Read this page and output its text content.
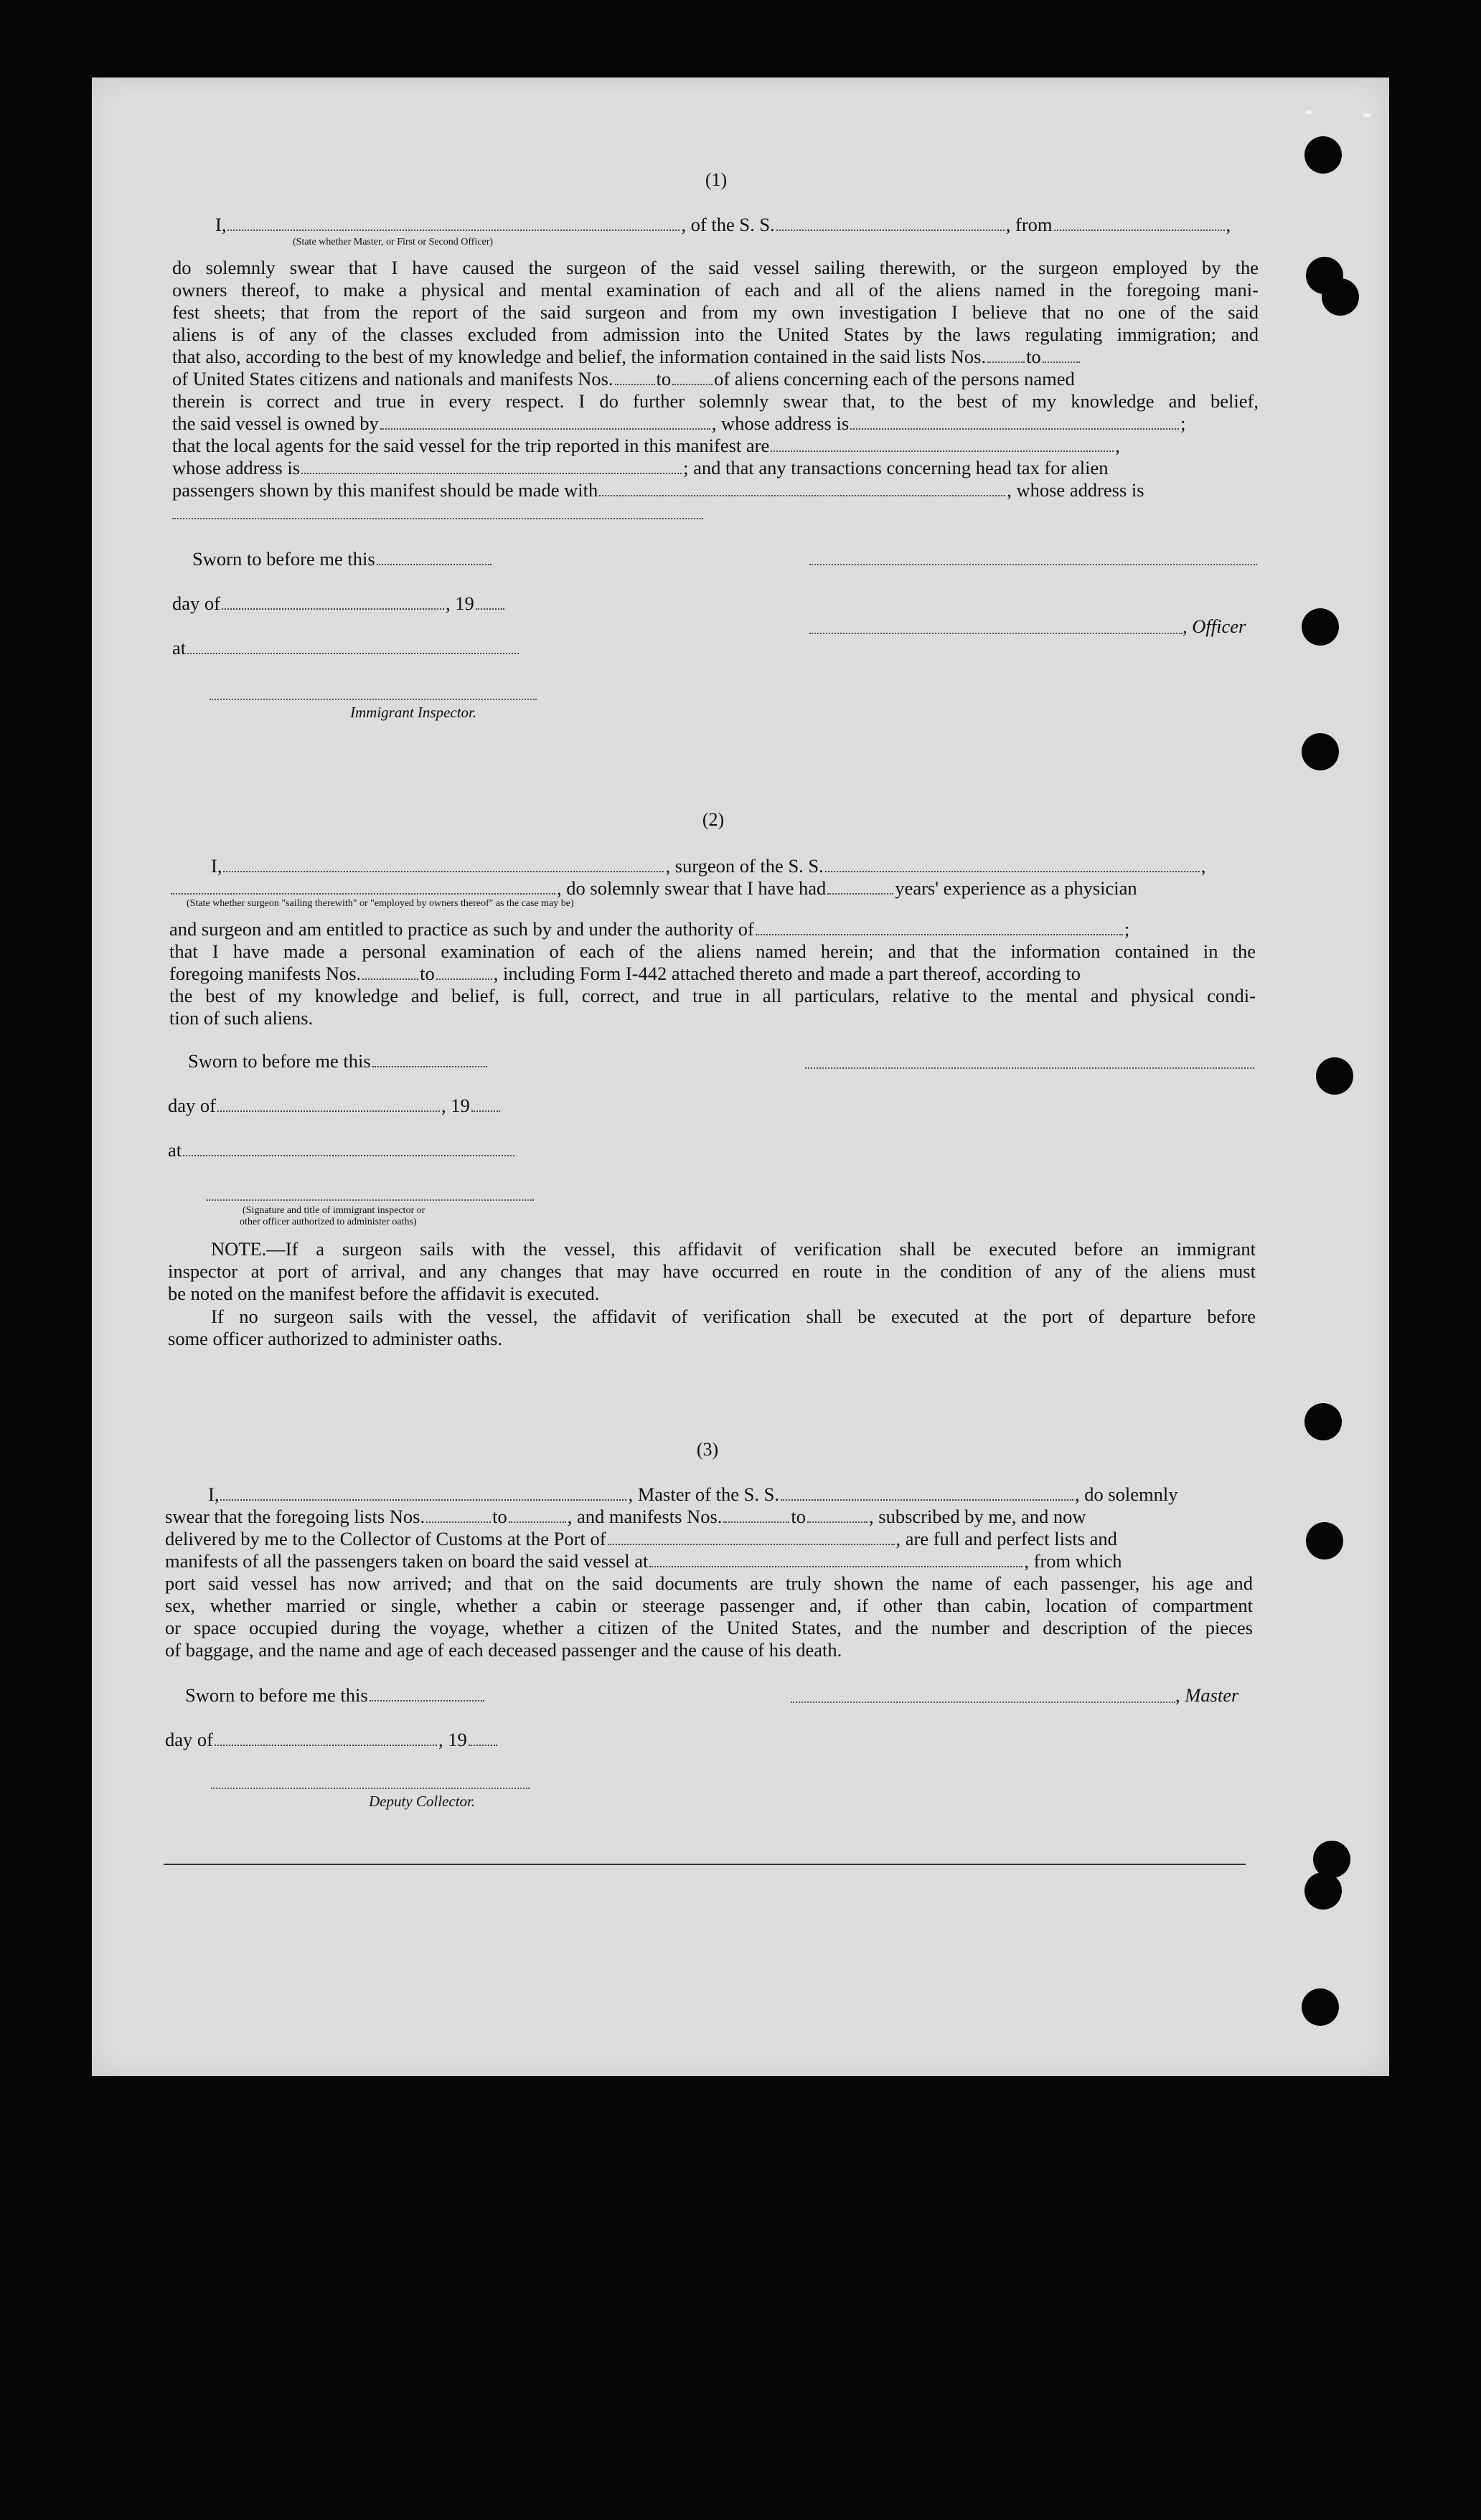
(1)
I,	, of the S. S.	, from	,
(State whether Master, or First or Second Officer)
do solemnly swear that I have caused the surgeon of the said vessel sailing therewith, or the surgeon employed by the
owners thereof, to make a physical and mental examination of each and all of the aliens named in the foregoing mani-
fest sheets; that from the report of the said surgeon and from my own investigation I believe that no one of the said
aliens is of any of the classes excluded from admission into the United States by the laws regulating immigration; and
that also, according to the best of my knowledge and belief, the information contained in the said lists Nos. to
of United States citizens and nationals and manifests Nos. to of aliens concerning each of the persons named
therein is correct and true in every respect. I do further solemnly swear that, to the best of my knowledge and belief,
the said vessel is owned by	, whose address is	;
that the local agents for the said vessel for the trip reported in this manifest are	,
whose address is	; and that any transactions concerning head tax for alien
passengers shown by this manifest should be made with	, whose address is
Sworn to before me this
day of	, 19
, Officer
at
Immigrant Inspector.
(2)
I,	, surgeon of the S. S.	,
, do solemnly swear that I have had	years' experience as a physician
(State whether surgeon "sailing therewith" or "employed by owners thereof" as the case may be)
and surgeon and am entitled to practice as such by and under the authority of	;
that I have made a personal examination of each of the aliens named herein; and that the information contained in the
foregoing manifests Nos.	to	, including Form I-442 attached thereto and made a part thereof, according to
the best of my knowledge and belief, is full, correct, and true in all particulars, relative to the mental and physical condi-
tion of such aliens.
Sworn to before me this
day of	, 19
at
(Signature and title of immigrant inspector or
other officer authorized to administer oaths)
NOTE.—If a surgeon sails with the vessel, this affidavit of verification shall be executed before an immigrant
inspector at port of arrival, and any changes that may have occurred en route in the condition of any of the aliens must
be noted on the manifest before the affidavit is executed.
If no surgeon sails with the vessel, the affidavit of verification shall be executed at the port of departure before
some officer authorized to administer oaths.
(3)
I,	, Master of the S. S.	, do solemnly
swear that the foregoing lists Nos.	to	, and manifests Nos.	to	, subscribed by me, and now
delivered by me to the Collector of Customs at the Port of	, are full and perfect lists and
manifests of all the passengers taken on board the said vessel at	, from which
port said vessel has now arrived; and that on the said documents are truly shown the name of each passenger, his age and
sex, whether married or single, whether a cabin or steerage passenger and, if other than cabin, location of compartment
or space occupied during the voyage, whether a citizen of the United States, and the number and description of the pieces
of baggage, and the name and age of each deceased passenger and the cause of his death.
Sworn to before me this	, Master
day of	, 19
Deputy Collector.
